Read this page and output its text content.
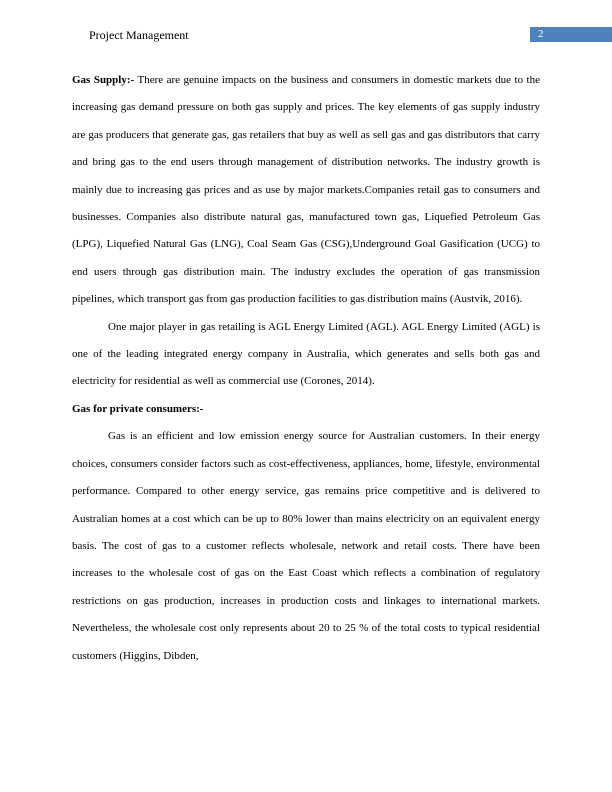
Project Management	2

Gas Supply:- There are genuine impacts on the business and consumers in domestic markets due to the increasing gas demand pressure on both gas supply and prices. The key elements of gas supply industry are gas producers that generate gas, gas retailers that buy as well as sell gas and gas distributors that carry and bring gas to the end users through management of distribution networks. The industry growth is mainly due to increasing gas prices and as use by major markets.Companies retail gas to consumers and businesses. Companies also distribute natural gas, manufactured town gas, Liquefied Petroleum Gas (LPG), Liquefied Natural Gas (LNG), Coal Seam Gas (CSG),Underground Goal Gasification (UCG) to end users through gas distribution main. The industry excludes the operation of gas transmission pipelines, which transport gas from gas production facilities to gas distribution mains (Austvik, 2016).

One major player in gas retailing is AGL Energy Limited (AGL). AGL Energy Limited (AGL) is one of the leading integrated energy company in Australia, which generates and sells both gas and electricity for residential as well as commercial use (Corones, 2014).

Gas for private consumers:-

Gas is an efficient and low emission energy source for Australian customers. In their energy choices, consumers consider factors such as cost-effectiveness, appliances, home, lifestyle, environmental performance. Compared to other energy service, gas remains price competitive and is delivered to Australian homes at a cost which can be up to 80% lower than mains electricity on an equivalent energy basis. The cost of gas to a customer reflects wholesale, network and retail costs. There have been increases to the wholesale cost of gas on the East Coast which reflects a combination of regulatory restrictions on gas production, increases in production costs and linkages to international markets. Nevertheless, the wholesale cost only represents about 20 to 25 % of the total costs to typical residential customers (Higgins, Dibden,
